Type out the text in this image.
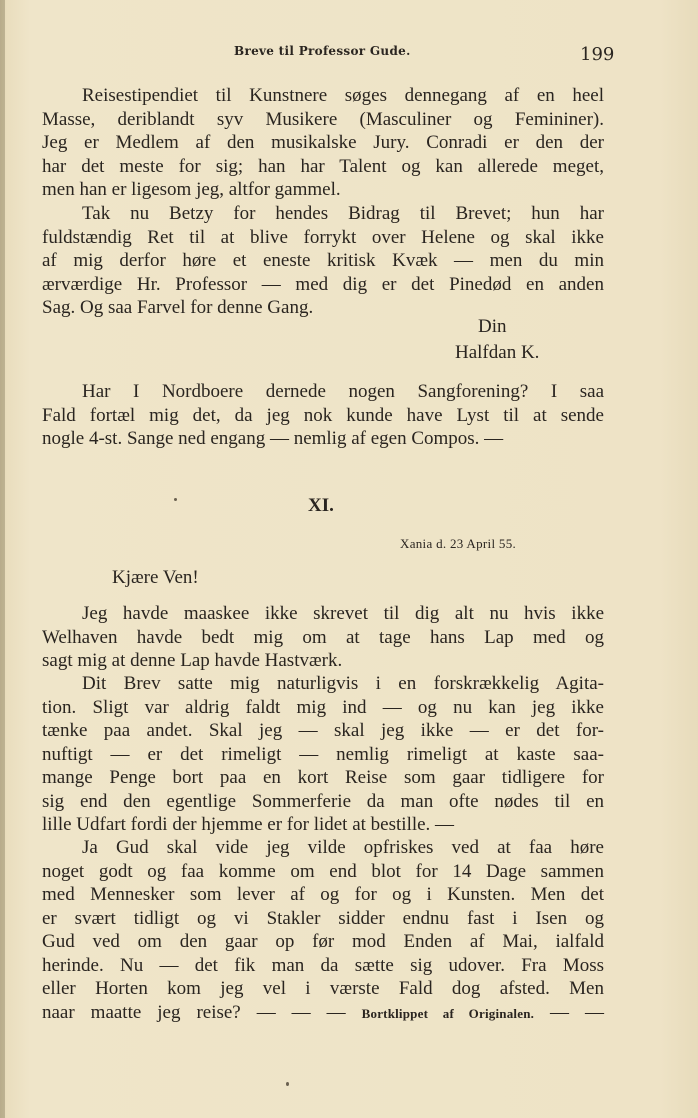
Breve til Professor Gude.	199
Reisestipendiet til Kunstnere søges dennegang af en heel
Masse, deriblandt syv Musikere (Masculiner og Femininer).
Jeg er Medlem af den musikalske Jury. Conradi er den der
har det meste for sig; han har Talent og kan allerede meget,
men han er ligesom jeg, altfor gammel.
Tak nu Betzy for hendes Bidrag til Brevet; hun har
fuldstændig Ret til at blive forrykt over Helene og skal ikke
af mig derfor høre et eneste kritisk Kvæk — men du min
ærværdige Hr. Professor — med dig er det Pinedød en anden
Sag. Og saa Farvel for denne Gang.
Din
Halfdan K.
Har I Nordboere dernede nogen Sangforening? I saa
Fald fortæl mig det, da jeg nok kunde have Lyst til at sende
nogle 4-st. Sange ned engang — nemlig af egen Compos. —
XI.
Xania d. 23 April 55.
Kjære Ven!
Jeg havde maaskee ikke skrevet til dig alt nu hvis ikke
Welhaven havde bedt mig om at tage hans Lap med og
sagt mig at denne Lap havde Hastværk.
Dit Brev satte mig naturligvis i en forskrækkelig Agita-
tion. Sligt var aldrig faldt mig ind — og nu kan jeg ikke
tænke paa andet. Skal jeg — skal jeg ikke — er det for-
nuftigt — er det rimeligt — nemlig rimeligt at kaste saa-
mange Penge bort paa en kort Reise som gaar tidligere for
sig end den egentlige Sommerferie da man ofte nødes til en
lille Udfart fordi der hjemme er for lidet at bestille. —
Ja Gud skal vide jeg vilde opfriskes ved at faa høre
noget godt og faa komme om end blot for 14 Dage sammen
med Mennesker som lever af og for og i Kunsten. Men det
er svært tidligt og vi Stakler sidder endnu fast i Isen og
Gud ved om den gaar op før mod Enden af Mai, ialfald
herinde. Nu — det fik man da sætte sig udover. Fra Moss
eller Horten kom jeg vel i værste Fald dog afsted. Men
naar maatte jeg reise? — — — Bortklippet af Originalen. — —
